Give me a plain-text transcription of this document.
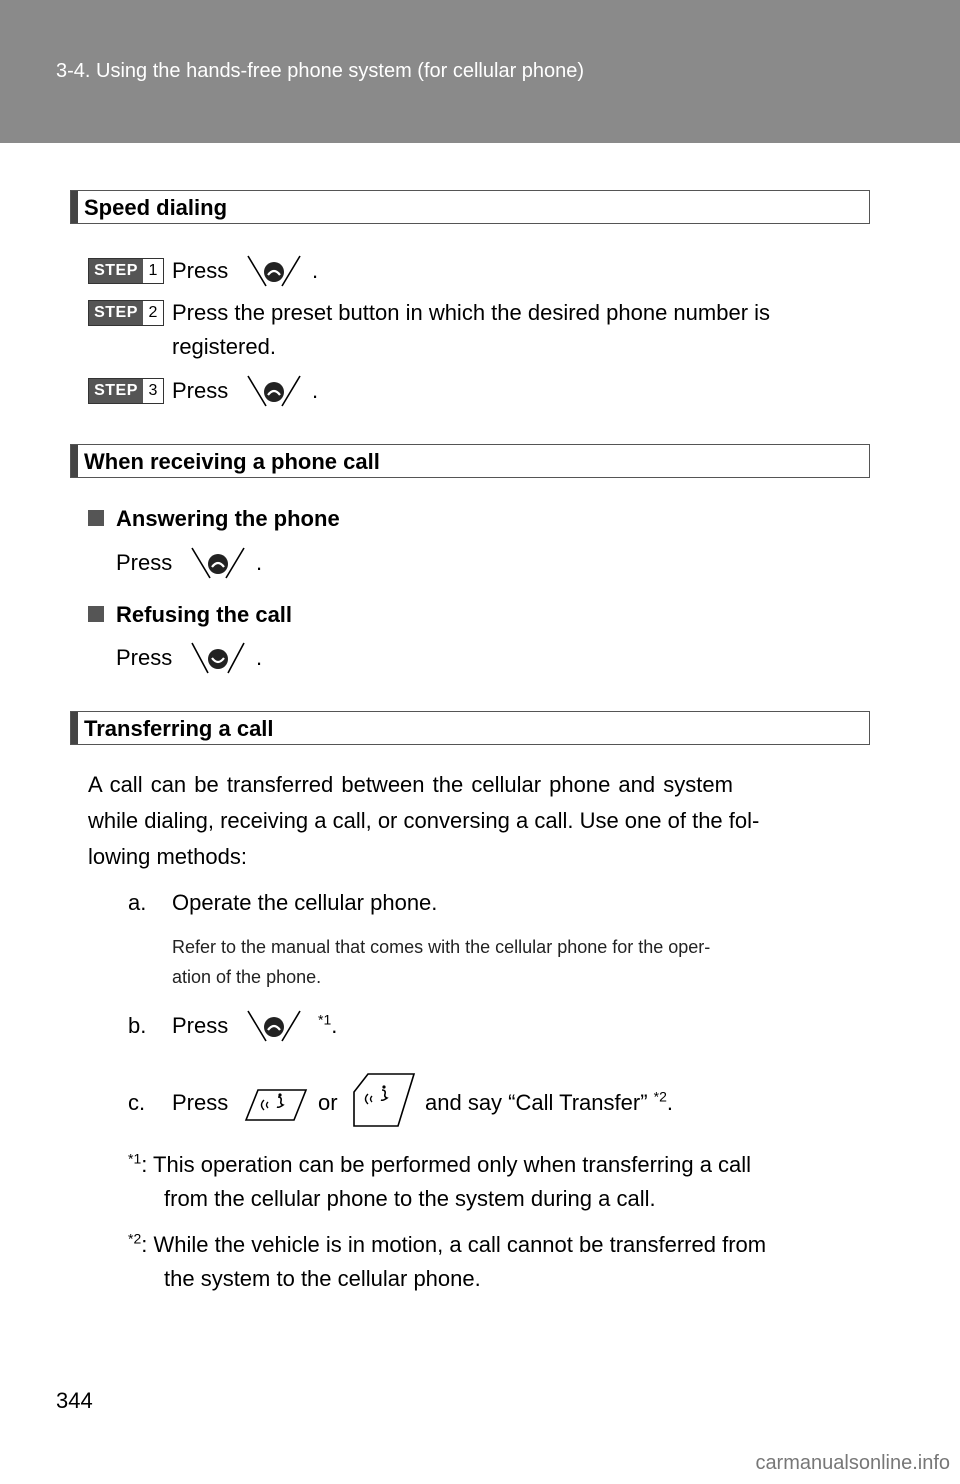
3-4. Using the hands-free phone system (for cellular phone)
Speed dialing
STEP 1 Press	.
STEP 2 Press the preset button in which the desired phone number is
registered.
STEP 3 Press	.
When receiving a phone call
Answering the phone
Press	.
Refusing the call
Press	.
Transferring a call
A call can be transferred between the cellular phone and system
while dialing, receiving a call, or conversing a call. Use one of the fol-
lowing methods:
a. Operate the cellular phone.
Refer to the manual that comes with the cellular phone for the oper-
ation of the phone.
b. Press	$^{*1}$.
c. Press	or	and say “Call Transfer” $^{*2}$.
$^{*1}$: This operation can be performed only when transferring a call
from the cellular phone to the system during a call.
$^{*2}$: While the vehicle is in motion, a call cannot be transferred from
the system to the cellular phone.
344
carmanualsonline.info
